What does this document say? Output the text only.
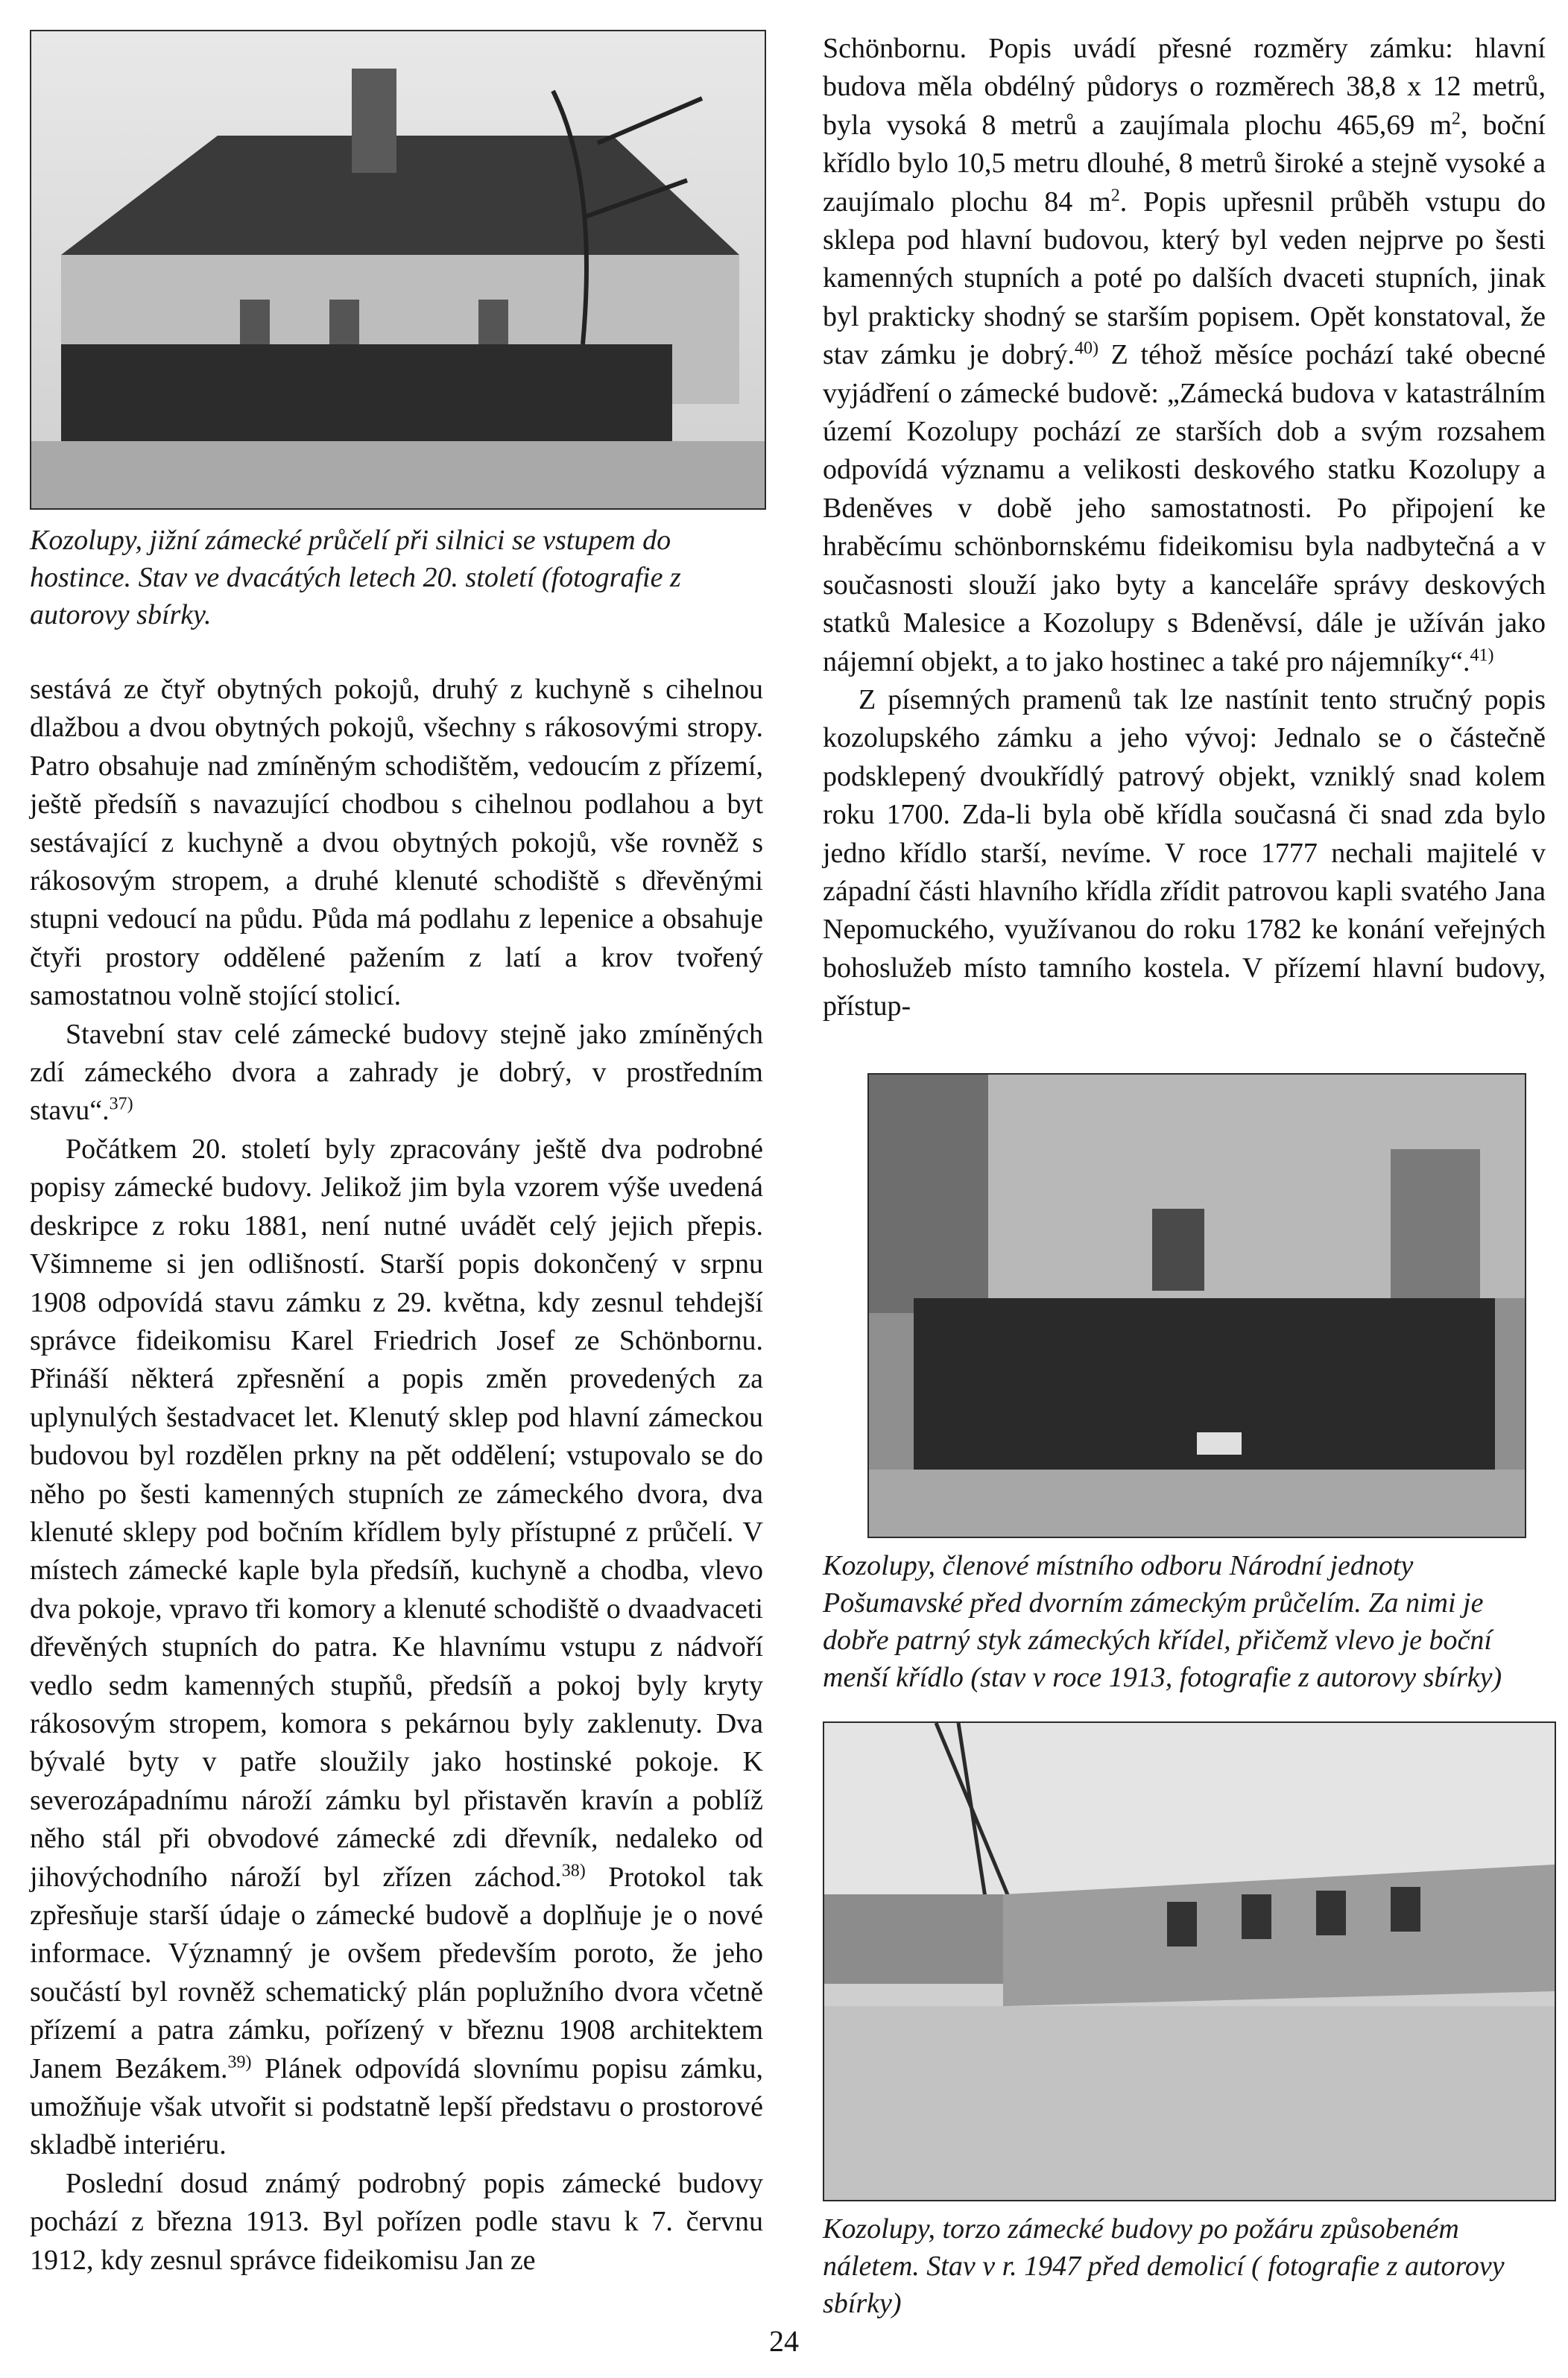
Kozolupy, jižní zámecké průčelí při silnici se vstupem do hostince. Stav ve dvacátých letech 20. století (fotografie z autorovy sbírky.

sestává ze čtyř obytných pokojů, druhý z kuchyně s cihelnou dlažbou a dvou obytných pokojů, všechny s rákosovými stropy. Patro obsahuje nad zmíněným schodištěm, vedoucím z přízemí, ještě předsíň s navazující chodbou s cihelnou podlahou a byt sestávající z kuchyně a dvou obytných pokojů, vše rovněž s rákosovým stropem, a druhé klenuté schodiště s dřevěnými stupni vedoucí na půdu. Půda má podlahu z lepenice a obsahuje čtyři prostory oddělené pažením z latí a krov tvořený samostatnou volně stojící stolicí.

Stavební stav celé zámecké budovy stejně jako zmíněných zdí zámeckého dvora a zahrady je dobrý, v prostředním stavu“.$^{37)}$

Počátkem 20. století byly zpracovány ještě dva podrobné popisy zámecké budovy. Jelikož jim byla vzorem výše uvedená deskripce z roku 1881, není nutné uvádět celý jejich přepis. Všimneme si jen odlišností. Starší popis dokončený v srpnu 1908 odpovídá stavu zámku z 29. května, kdy zesnul tehdejší správce fideikomisu Karel Friedrich Josef ze Schönbornu. Přináší některá zpřesnění a popis změn provedených za uplynulých šestadvacet let. Klenutý sklep pod hlavní zámeckou budovou byl rozdělen prkny na pět oddělení; vstupovalo se do něho po šesti kamenných stupních ze zámeckého dvora, dva klenuté sklepy pod bočním křídlem byly přístupné z průčelí. V místech zámecké kaple byla předsíň, kuchyně a chodba, vlevo dva pokoje, vpravo tři komory a klenuté schodiště o dvaadvaceti dřevěných stupních do patra. Ke hlavnímu vstupu z nádvoří vedlo sedm kamenných stupňů, předsíň a pokoj byly kryty rákosovým stropem, komora s pekárnou byly zaklenuty. Dva bývalé byty v patře sloužily jako hostinské pokoje. K severozápadnímu nároží zámku byl přistavěn kravín a poblíž něho stál při obvodové zámecké zdi dřevník, nedaleko od jihovýchodního nároží byl zřízen záchod.$^{38)}$ Protokol tak zpřesňuje starší údaje o zámecké budově a doplňuje je o nové informace. Významný je ovšem především poroto, že jeho součástí byl rovněž schematický plán poplužního dvora včetně přízemí a patra zámku, pořízený v březnu 1908 architektem Janem Bezákem.$^{39)}$ Plánek odpovídá slovnímu popisu zámku, umožňuje však utvořit si podstatně lepší představu o prostorové skladbě interiéru.

Poslední dosud známý podrobný popis zámecké budovy pochází z března 1913. Byl pořízen podle stavu k 7. červnu 1912, kdy zesnul správce fideikomisu Jan ze

Schönbornu. Popis uvádí přesné rozměry zámku: hlavní budova měla obdélný půdorys o rozměrech 38,8 x 12 metrů, byla vysoká 8 metrů a zaujímala plochu 465,69 $m^2$, boční křídlo bylo 10,5 metru dlouhé, 8 metrů široké a stejně vysoké a zaujímalo plochu 84 $m^2$. Popis upřesnil průběh vstupu do sklepa pod hlavní budovou, který byl veden nejprve po šesti kamenných stupních a poté po dalších dvaceti stupních, jinak byl prakticky shodný se starším popisem. Opět konstatoval, že stav zámku je dobrý.$^{40)}$ Z téhož měsíce pochází také obecné vyjádření o zámecké budově: „Zámecká budova v katastrálním území Kozolupy pochází ze starších dob a svým rozsahem odpovídá významu a velikosti deskového statku Kozolupy a Bdeněves v době jeho samostatnosti. Po připojení ke hraběcímu schönbornskému fideikomisu byla nadbytečná a v současnosti slouží jako byty a kanceláře správy deskových statků Malesice a Kozolupy s Bdeněvsí, dále je užíván jako nájemní objekt, a to jako hostinec a také pro nájemníky“.$^{41)}$

Z písemných pramenů tak lze nastínit tento stručný popis kozolupského zámku a jeho vývoj: Jednalo se o částečně podsklepený dvoukřídlý patrový objekt, vzniklý snad kolem roku 1700. Zda-li byla obě křídla současná či snad zda bylo jedno křídlo starší, nevíme. V roce 1777 nechali majitelé v západní části hlavního křídla zřídit patrovou kapli svatého Jana Nepomuckého, využívanou do roku 1782 ke konání veřejných bohoslužeb místo tamního kostela. V přízemí hlavní budovy, přístup-

Kozolupy, členové místního odboru Národní jednoty Pošumavské před dvorním zámeckým průčelím. Za nimi je dobře patrný styk zámeckých křídel, přičemž vlevo je boční menší křídlo (stav v roce 1913, fotografie z autorovy sbírky)
Kozolupy, torzo zámecké budovy po požáru způsobeném náletem. Stav v r. 1947 před demolicí ( fotografie z autorovy sbírky)
24
